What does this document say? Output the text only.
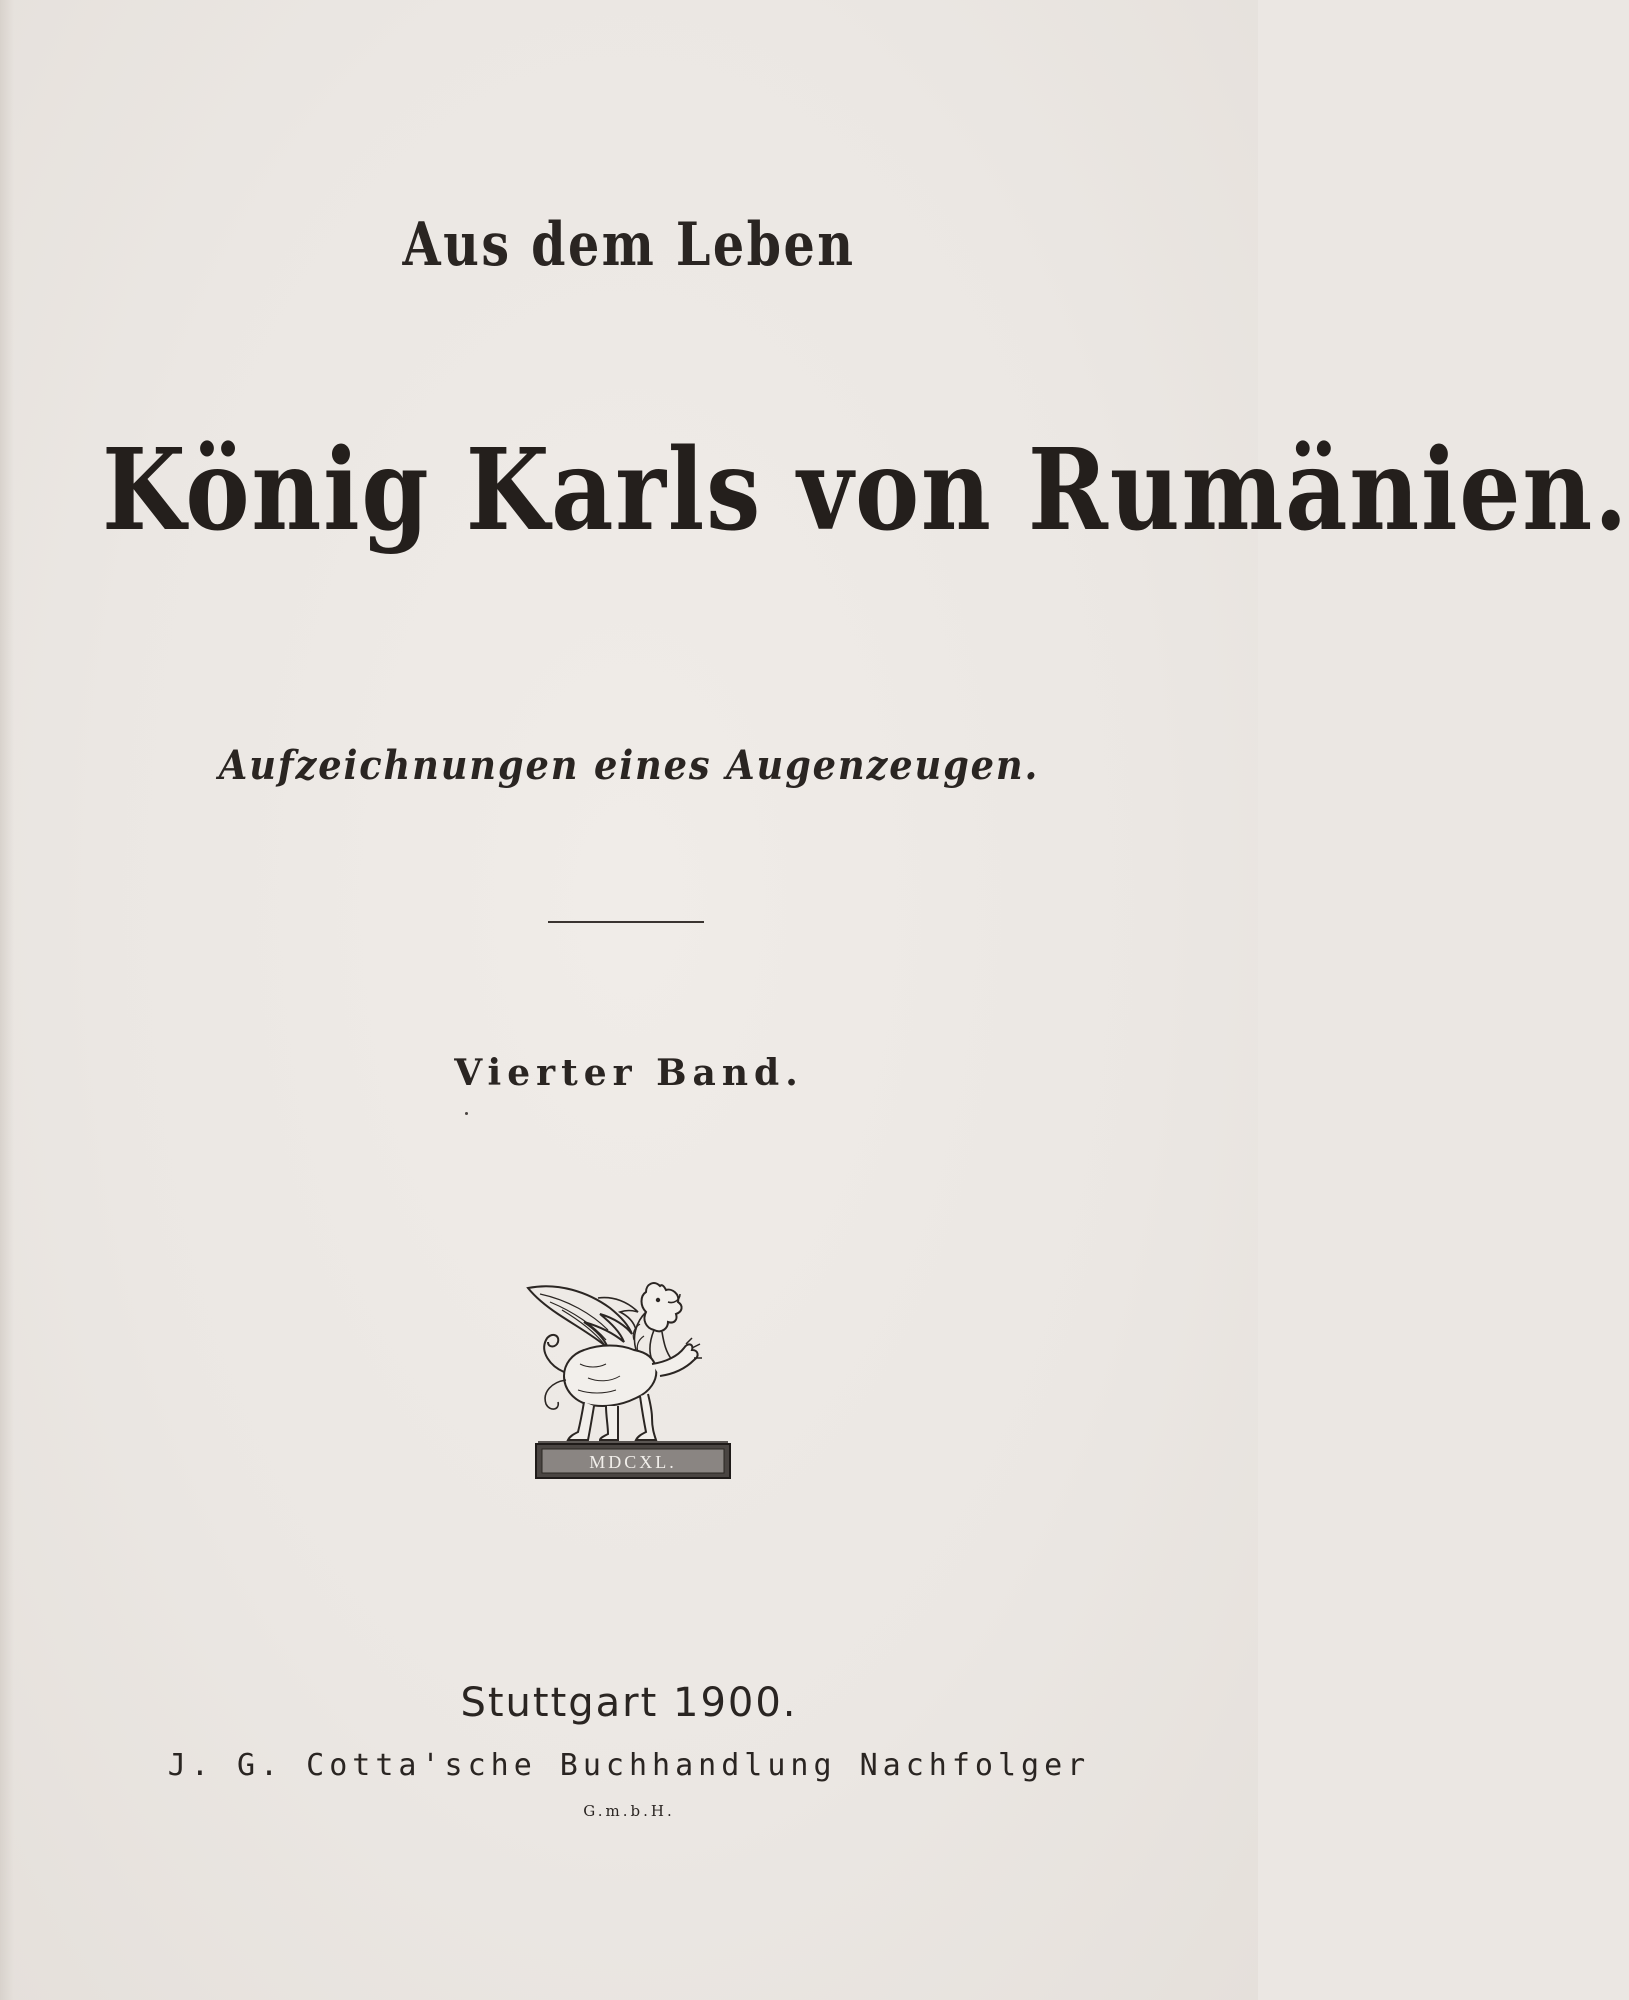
Aus dem Leben
König Karls von Rumänien.
Aufzeichnungen eines Augenzeugen.
Vierter Band.
MDCXL.
Stuttgart 1900.
J. G. Cotta'sche Buchhandlung Nachfolger
G.m.b.H.
